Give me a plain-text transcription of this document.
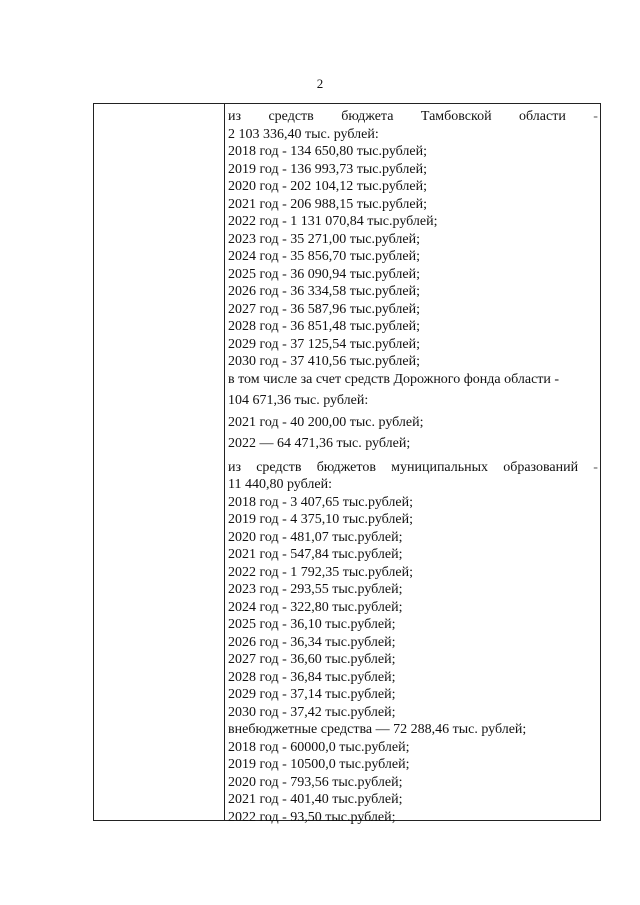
2
из средств бюджета Тамбовской области -
2 103 336,40 тыс. рублей:
2018 год - 134 650,80 тыс.рублей;
2019 год - 136 993,73 тыс.рублей;
2020 год - 202 104,12 тыс.рублей;
2021 год - 206 988,15 тыс.рублей;
2022 год - 1 131 070,84 тыс.рублей;
2023 год - 35 271,00 тыс.рублей;
2024 год - 35 856,70 тыс.рублей;
2025 год - 36 090,94 тыс.рублей;
2026 год - 36 334,58 тыс.рублей;
2027 год - 36 587,96 тыс.рублей;
2028 год - 36 851,48 тыс.рублей;
2029 год - 37 125,54 тыс.рублей;
2030 год - 37 410,56 тыс.рублей;
в том числе за счет средств Дорожного фонда области -
104 671,36 тыс. рублей:
2021 год - 40 200,00 тыс. рублей;
2022 — 64 471,36 тыс. рублей;
из средств бюджетов муниципальных образований -
11 440,80 рублей:
2018 год - 3 407,65 тыс.рублей;
2019 год - 4 375,10 тыс.рублей;
2020 год - 481,07 тыс.рублей;
2021 год - 547,84 тыс.рублей;
2022 год - 1 792,35 тыс.рублей;
2023 год - 293,55 тыс.рублей;
2024 год - 322,80 тыс.рублей;
2025 год - 36,10 тыс.рублей;
2026 год - 36,34 тыс.рублей;
2027 год - 36,60 тыс.рублей;
2028 год - 36,84 тыс.рублей;
2029 год - 37,14 тыс.рублей;
2030 год - 37,42 тыс.рублей;
внебюджетные средства — 72 288,46 тыс. рублей;
2018 год - 60000,0 тыс.рублей;
2019 год - 10500,0 тыс.рублей;
2020 год - 793,56 тыс.рублей;
2021 год - 401,40 тыс.рублей;
2022 год - 93,50 тыс.рублей;
